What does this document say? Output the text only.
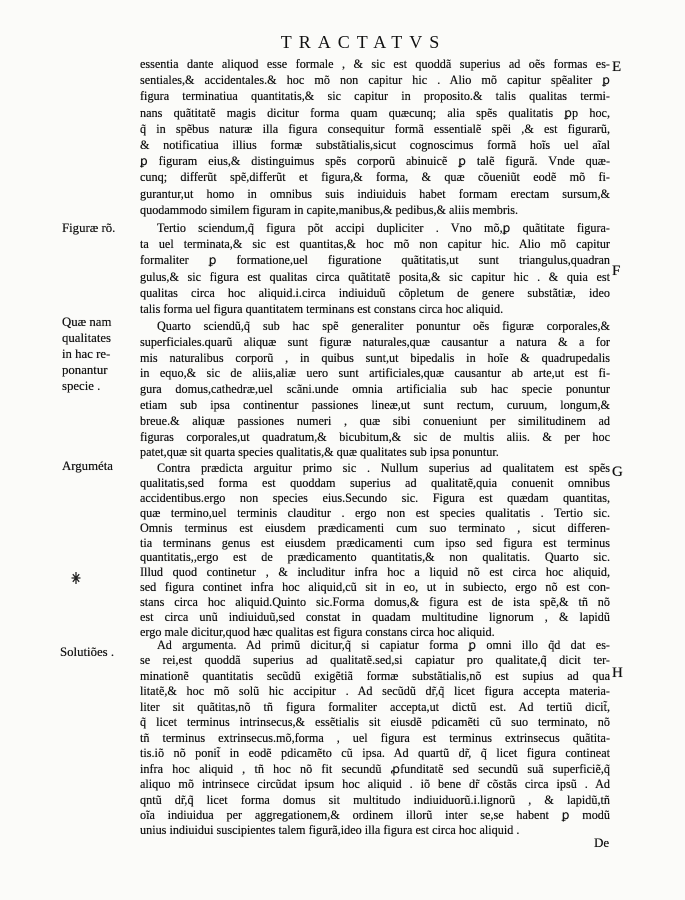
TRACTATVS
essentia dante aliquod esse formale , & sic est quoddã superius ad oẽs formas es-
sentiales,& accidentales.& hoc mõ non capitur hic . Alio mõ capitur spẽaliter ꝑ
figura terminatiua quantitatis,& sic capitur in proposito.& talis qualitas termi-
nans quãtitatẽ magis dicitur forma quam quæcunq; alia spẽs qualitatis ꝑp hoc,
q̃ in spẽbus naturæ illa figura consequitur formã essentialẽ spẽi ,& est figurarũ,
& notificatiua illius formæ substãtialis,sicut cognoscimus formã hoĩs uel aĩal
ꝑ figuram eius,& distinguimus spẽs corporũ abinuicẽ ꝑ talẽ figurã. Vnde quæ-
cunq; differũt spẽ,differũt et figura,& forma, & quæ cõueniũt eodẽ mõ fi-
gurantur,ut homo in omnibus suis indiuiduis habet formam erectam sursum,&
quodammodo similem figuram in capite,manibus,& pedibus,& aliis membris.
Tertio sciendum,q̃ figura põt accipi dupliciter . Vno mõ,ꝑ quãtitate figura-
ta uel terminata,& sic est quantitas,& hoc mõ non capitur hic. Alio mõ capitur
formaliter ꝑ formatione,uel figuratione quãtitatis,ut sunt triangulus,quadran
gulus,& sic figura est qualitas circa quãtitatẽ posita,& sic capitur hic . & quia est
qualitas circa hoc aliquid.i.circa indiuiduũ cõpletum de genere substãtiæ, ideo
talis forma uel figura quantitatem terminans est constans circa hoc aliquid.
Quarto sciendũ,q̃ sub hac spẽ generaliter ponuntur oẽs figuræ corporales,&
superficiales.quarũ aliquæ sunt figuræ naturales,quæ causantur a natura & a for
mis naturalibus corporũ , in quibus sunt,ut bipedalis in hoĩe & quadrupedalis
in equo,& sic de aliis,aliæ uero sunt artificiales,quæ causantur ab arte,ut est fi-
gura domus,cathedræ,uel scãni.unde omnia artificialia sub hac specie ponuntur
etiam sub ipsa continentur passiones lineæ,ut sunt rectum, curuum, longum,&
breue.& aliquæ passiones numeri , quæ sibi conueniunt per similitudinem ad
figuras corporales,ut quadratum,& bicubitum,& sic de multis aliis. & per hoc
patet,quæ sit quarta species qualitatis,& quæ qualitates sub ipsa ponuntur.
Contra prædicta arguitur primo sic . Nullum superius ad qualitatem est spẽs
qualitatis,sed forma est quoddam superius ad qualitatẽ,quia conuenit omnibus
accidentibus.ergo non species eius.Secundo sic. Figura est quædam quantitas,
quæ termino,uel terminis clauditur . ergo non est species qualitatis . Tertio sic.
Omnis terminus est eiusdem prædicamenti cum suo terminato , sicut differen-
tia terminans genus est eiusdem prædicamenti cum ipso sed figura est terminus
quantitatis,,ergo est de prædicamento quantitatis,& non qualitatis. Quarto sic.
Illud quod continetur , & includitur infra hoc a liquid nõ est circa hoc aliquid,
sed figura continet infra hoc aliquid,cũ sit in eo, ut in subiecto, ergo nõ est con-
stans circa hoc aliquid.Quinto sic.Forma domus,& figura est de ista spẽ,& tñ nõ
est circa unũ indiuiduũ,sed constat in quadam multitudine lignorum , & lapidũ
ergo male dicitur,quod hæc qualitas est figura constans circa hoc aliquid.
Ad argumenta. Ad primũ dicitur,q̃ si capiatur forma ꝑ omni illo q̃d dat es-
se rei,est quoddã superius ad qualitatẽ.sed,si capiatur pro qualitate,q̃ dicit ter-
minationẽ quantitatis secũdũ exigẽtiã formæ substãtialis,nõ est supius ad qua
litatẽ,& hoc mõ solũ hic accipitur . Ad secũdũ dr̃,q̃ licet figura accepta materia-
liter sit quãtitas,nõ tñ figura formaliter accepta,ut dictũ est. Ad tertiũ dicit̃,
q̃ licet terminus intrinsecus,& essẽtialis sit eiusdẽ pdicamẽti cũ suo terminato, nõ
tñ terminus extrinsecus.mõ,forma , uel figura est terminus extrinsecus quãtita-
tis.iõ nõ ponit̃ in eodẽ pdicamẽto cũ ipsa. Ad quartũ dr̃, q̃ licet figura contineat
infra hoc aliquid , tñ hoc nõ fit secundũ ꝓfunditatẽ sed secundũ suã superficiẽ,q̃
aliquo mõ intrinsece circũdat ipsum hoc aliquid . iõ bene dr̃ cõstãs circa ipsũ . Ad
qntũ dr̃,q̃ licet forma domus sit multitudo indiuiduorũ.i.lignorũ , & lapidũ,tñ
oĩa indiuidua per aggregationem,& ordinem illorũ inter se,se habent ꝑ modũ
unius indiuidui suscipientes talem figurã,ideo illa figura est circa hoc aliquid .
Figuræ rõ.
Quæ nam
qualitates
in hac re-
ponantur
specie .
Arguméta
Solutiões .
E
F
G
H
De
